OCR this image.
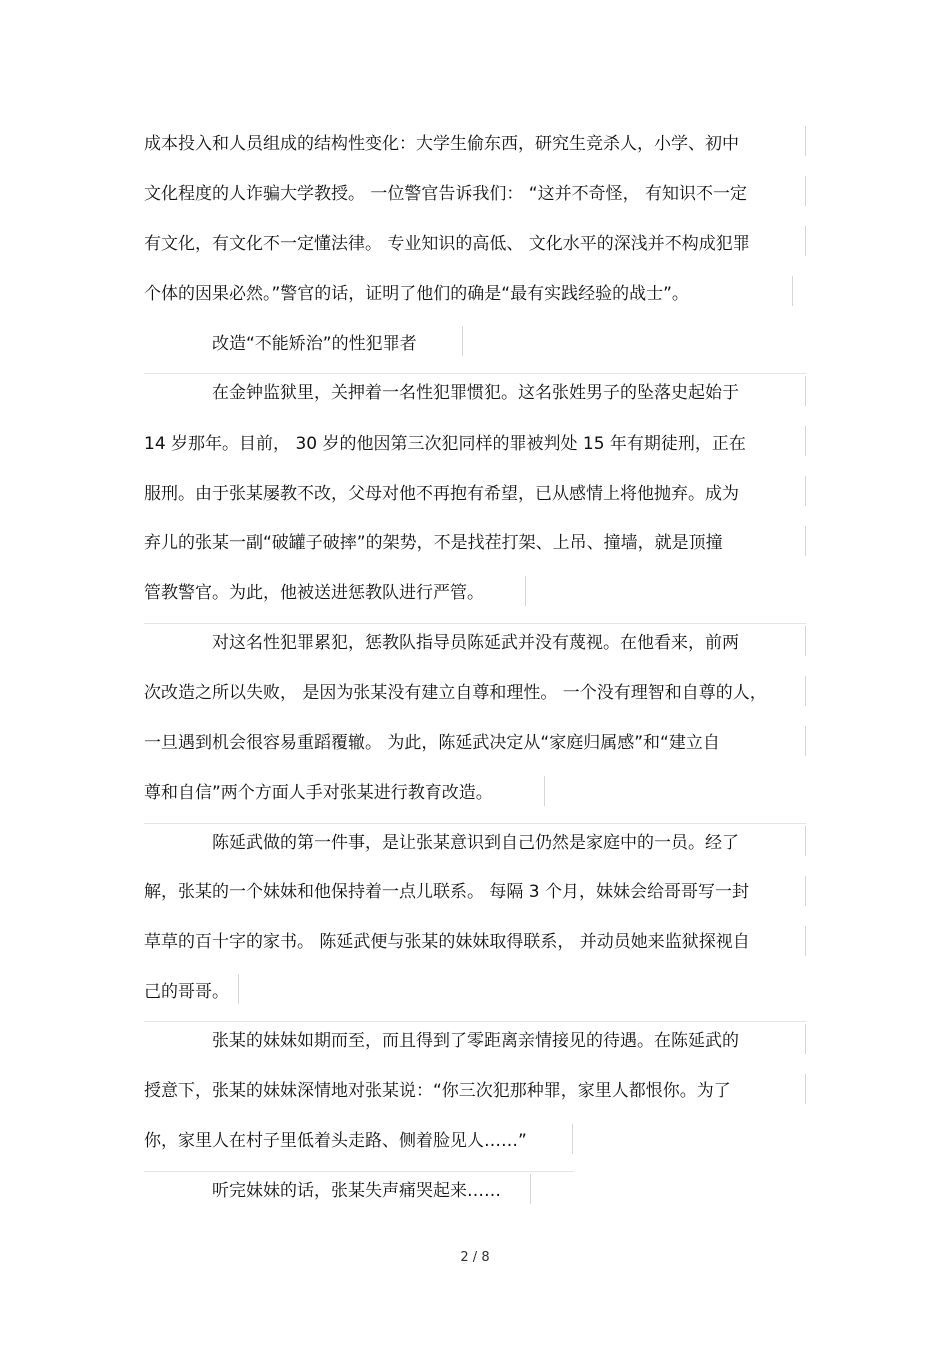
成本投入和人员组成的结构性变化：大学生偷东西，研究生竞杀人，小学、初中
文化程度的人诈骗大学教授。 一位警官告诉我们： “这并不奇怪， 有知识不一定
有文化，有文化不一定懂法律。 专业知识的高低、 文化水平的深浅并不构成犯罪
个体的因果必然。”警官的话，证明了他们的确是“最有实践经验的战士”。
改造“不能矫治”的性犯罪者
在金钟监狱里，关押着一名性犯罪惯犯。这名张姓男子的坠落史起始于
14 岁那年。目前， 30 岁的他因第三次犯同样的罪被判处 15 年有期徒刑，正在
服刑。由于张某屡教不改，父母对他不再抱有希望，已从感情上将他抛弃。成为
弃儿的张某一副“破罐子破摔”的架势，不是找茬打架、上吊、撞墙，就是顶撞
管教警官。为此，他被送进惩教队进行严管。
对这名性犯罪累犯，惩教队指导员陈延武并没有蔑视。在他看来，前两
次改造之所以失败， 是因为张某没有建立自尊和理性。 一个没有理智和自尊的人，
一旦遇到机会很容易重蹈覆辙。 为此，陈延武决定从“家庭归属感”和“建立自
尊和自信”两个方面人手对张某进行教育改造。
陈延武做的第一件事，是让张某意识到自己仍然是家庭中的一员。经了
解，张某的一个妹妹和他保持着一点儿联系。 每隔 3 个月，妹妹会给哥哥写一封
草草的百十字的家书。 陈延武便与张某的妹妹取得联系， 并动员她来监狱探视自
己的哥哥。
张某的妹妹如期而至，而且得到了零距离亲情接见的待遇。在陈延武的
授意下，张某的妹妹深情地对张某说：“你三次犯那种罪，家里人都恨你。为了
你，家里人在村子里低着头走路、侧着脸见人……”
听完妹妹的话，张某失声痛哭起来……
2 / 8
